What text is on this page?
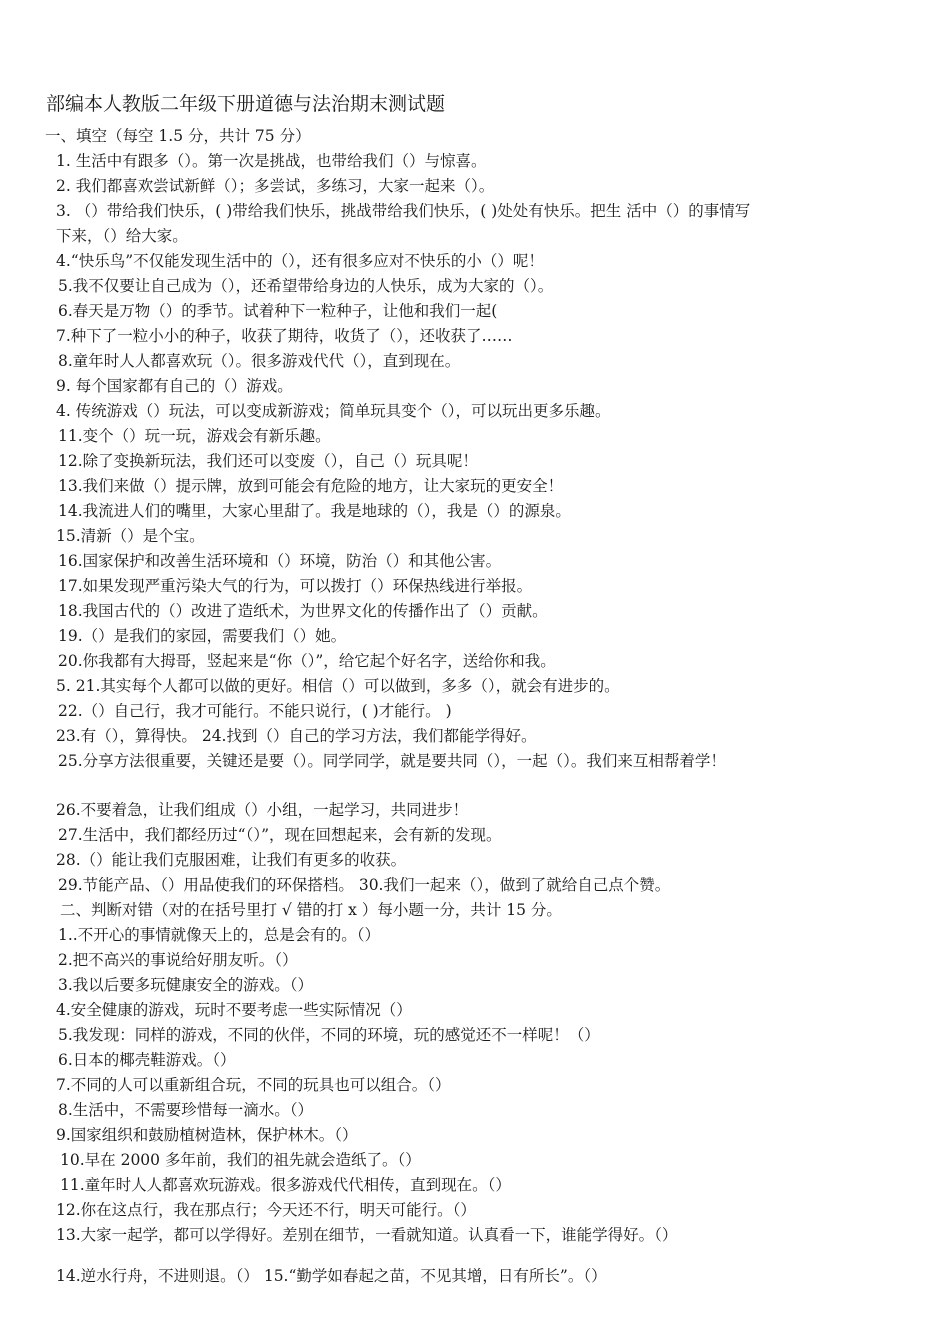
部编本人教版二年级下册道德与法治期末测试题
一、填空（每空 1.5 分，共计 75 分）
1. 生活中有跟多（）。第一次是挑战，也带给我们（）与惊喜。
2. 我们都喜欢尝试新鲜（）；多尝试，多练习，大家一起来（）。
3. （）带给我们快乐，( )带给我们快乐，挑战带给我们快乐，( )处处有快乐。把生 活中（）的事情写
下来，（）给大家。
4.“快乐鸟”不仅能发现生活中的（），还有很多应对不快乐的小（）呢！
5.我不仅要让自己成为（），还希望带给身边的人快乐，成为大家的（）。
6.春天是万物（）的季节。试着种下一粒种子，让他和我们一起(
7.种下了一粒小小的种子，收获了期待，收货了（），还收获了……
8.童年时人人都喜欢玩（）。很多游戏代代（），直到现在。
9. 每个国家都有自己的（）游戏。
4. 传统游戏（）玩法，可以变成新游戏；简单玩具变个（），可以玩出更多乐趣。
11.变个（）玩一玩，游戏会有新乐趣。
12.除了变换新玩法，我们还可以变废（），自己（）玩具呢！
13.我们来做（）提示牌，放到可能会有危险的地方，让大家玩的更安全！
14.我流进人们的嘴里，大家心里甜了。我是地球的（），我是（）的源泉。
15.清新（）是个宝。
16.国家保护和改善生活环境和（）环境，防治（）和其他公害。
17.如果发现严重污染大气的行为，可以拨打（）环保热线进行举报。
18.我国古代的（）改进了造纸术，为世界文化的传播作出了（）贡献。
19.（）是我们的家园，需要我们（）她。
20.你我都有大拇哥，竖起来是“你（）”，给它起个好名字，送给你和我。
5. 21.其实每个人都可以做的更好。相信（）可以做到，多多（），就会有进步的。
22.（）自己行，我才可能行。不能只说行，( )才能行。 )
23.有（），算得快。 24.找到（）自己的学习方法，我们都能学得好。
25.分享方法很重要，关键还是要（）。同学同学，就是要共同（），一起（）。我们来互相帮着学！
26.不要着急，让我们组成（）小组，一起学习，共同进步！
27.生活中，我们都经历过“（）”，现在回想起来，会有新的发现。
28.（）能让我们克服困难，让我们有更多的收获。
29.节能产品、（）用品使我们的环保搭档。 30.我们一起来（），做到了就给自己点个赞。
二、判断对错（对的在括号里打 √ 错的打 x ）每小题一分，共计 15 分。
1..不开心的事情就像天上的，总是会有的。（）
2.把不高兴的事说给好朋友听。（）
3.我以后要多玩健康安全的游戏。（）
4.安全健康的游戏，玩时不要考虑一些实际情况（）
5.我发现：同样的游戏，不同的伙伴，不同的环境，玩的感觉还不一样呢！（）
6.日本的椰壳鞋游戏。（）
7.不同的人可以重新组合玩，不同的玩具也可以组合。（）
8.生活中，不需要珍惜每一滴水。（）
9.国家组织和鼓励植树造林，保护林木。（）
10.早在 2000 多年前，我们的祖先就会造纸了。（）
11.童年时人人都喜欢玩游戏。很多游戏代代相传，直到现在。（）
12.你在这点行，我在那点行；今天还不行，明天可能行。（）
13.大家一起学，都可以学得好。差别在细节，一看就知道。认真看一下，谁能学得好。（）
14.逆水行舟，不进则退。（） 15.“勤学如春起之苗，不见其增，日有所长”。（）
